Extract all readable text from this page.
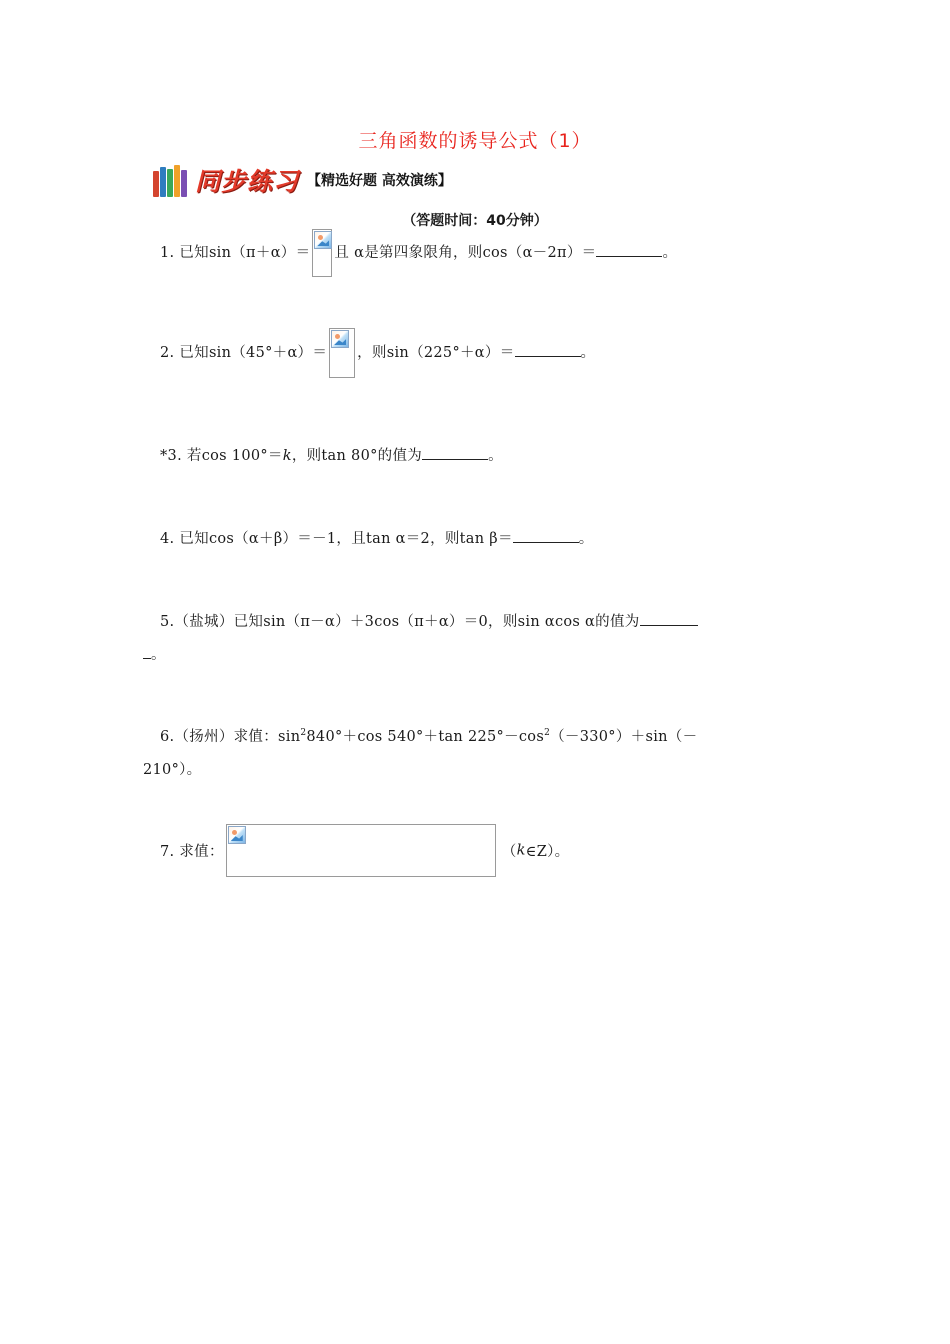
三角函数的诱导公式（1）
同步练习 【精选好题 高效演练】
（答题时间：40分钟）
1. 已知sin（π＋α）＝ 且 α是第四象限角，则cos（α－2π）＝	。
2. 已知sin（45°＋α）＝ ，则sin（225°＋α）＝	。
*3. 若cos 100°＝k，则tan 80°的值为	。
4. 已知cos（α＋β）＝－1，且tan α＝2，则tan β＝	。
5.（盐城）已知sin（π－α）＋3cos（π＋α）＝0，则sin αcos α的值为
。
6.（扬州）求值：$\sin^2840^\circ+\cos$ 540°＋tan $225^\circ-\cos^2(-330^\circ)+\sin(-$
210°）。
7. 求值：	（k∈Z）。
